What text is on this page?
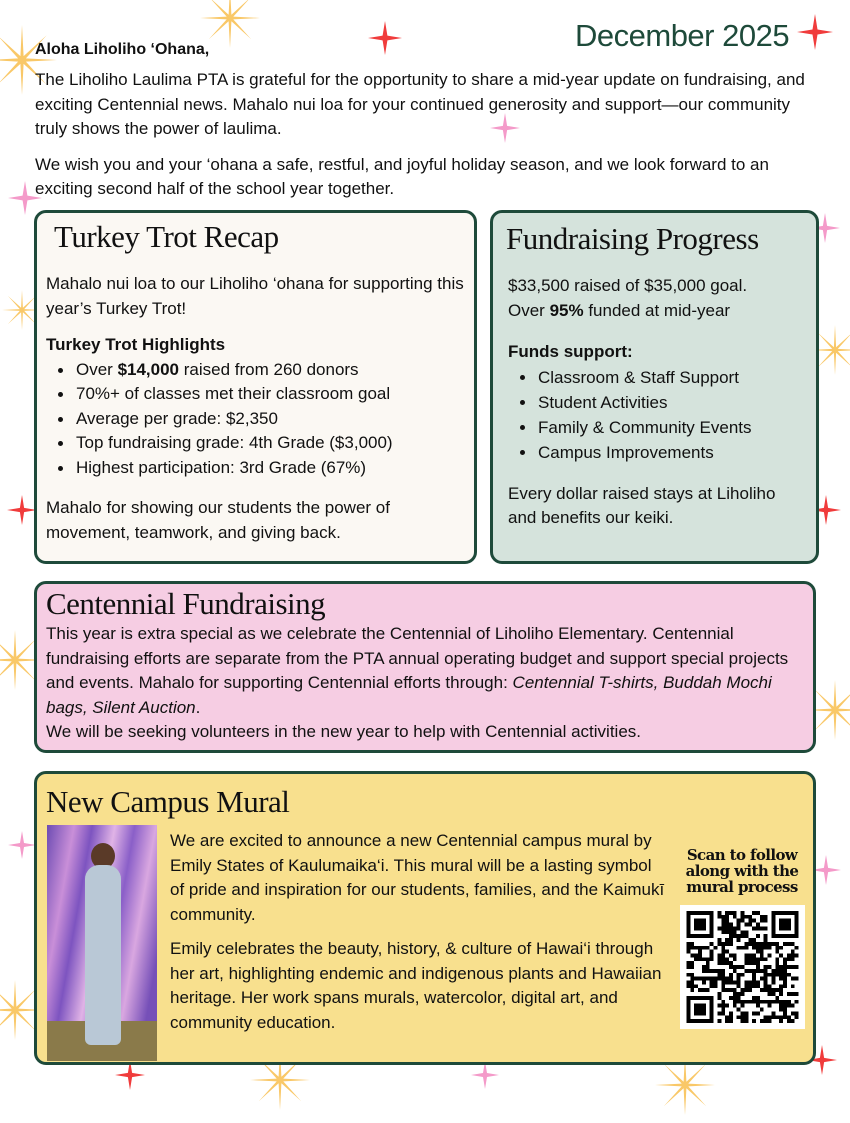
December 2025
Aloha Liholiho ‘Ohana,

The Liholiho Laulima PTA is grateful for the opportunity to share a mid-year update on fundraising, and exciting Centennial news. Mahalo nui loa for your continued generosity and support—our community truly shows the power of laulima.

We wish you and your ‘ohana a safe, restful, and joyful holiday season, and we look forward to an exciting second half of the school year together.

Turkey Trot Recap

Mahalo nui loa to our Liholiho ‘ohana for supporting this year’s Turkey Trot!

Turkey Trot Highlights

Over $14,000 raised from 260 donors
70%+ of classes met their classroom goal
Average per grade: $2,350
Top fundraising grade: 4th Grade ($3,000)
Highest participation: 3rd Grade (67%)

Mahalo for showing our students the power of movement, teamwork, and giving back.

Fundraising Progress

$33,500 raised of $35,000 goal.

Over 95% funded at mid-year

Funds support:

Classroom & Staff Support
Student Activities
Family & Community Events
Campus Improvements

Every dollar raised stays at Liholiho and benefits our keiki.

Centennial Fundraising

This year is extra special as we celebrate the Centennial of Liholiho Elementary. Centennial fundraising efforts are separate from the PTA annual operating budget and support special projects and events. Mahalo for supporting Centennial efforts through: Centennial T-shirts, Buddah Mochi bags, Silent Auction.

We will be seeking volunteers in the new year to help with Centennial activities.

New Campus Mural

We are excited to announce a new Centennial campus mural by Emily States of Kaulumaika‘i. This mural will be a lasting symbol of pride and inspiration for our students, families, and the Kaimukī community.

Emily celebrates the beauty, history, & culture of Hawai‘i through her art, highlighting endemic and indigenous plants and Hawaiian heritage. Her work spans murals, watercolor, digital art, and community education.

Scan to follow along with the mural process
